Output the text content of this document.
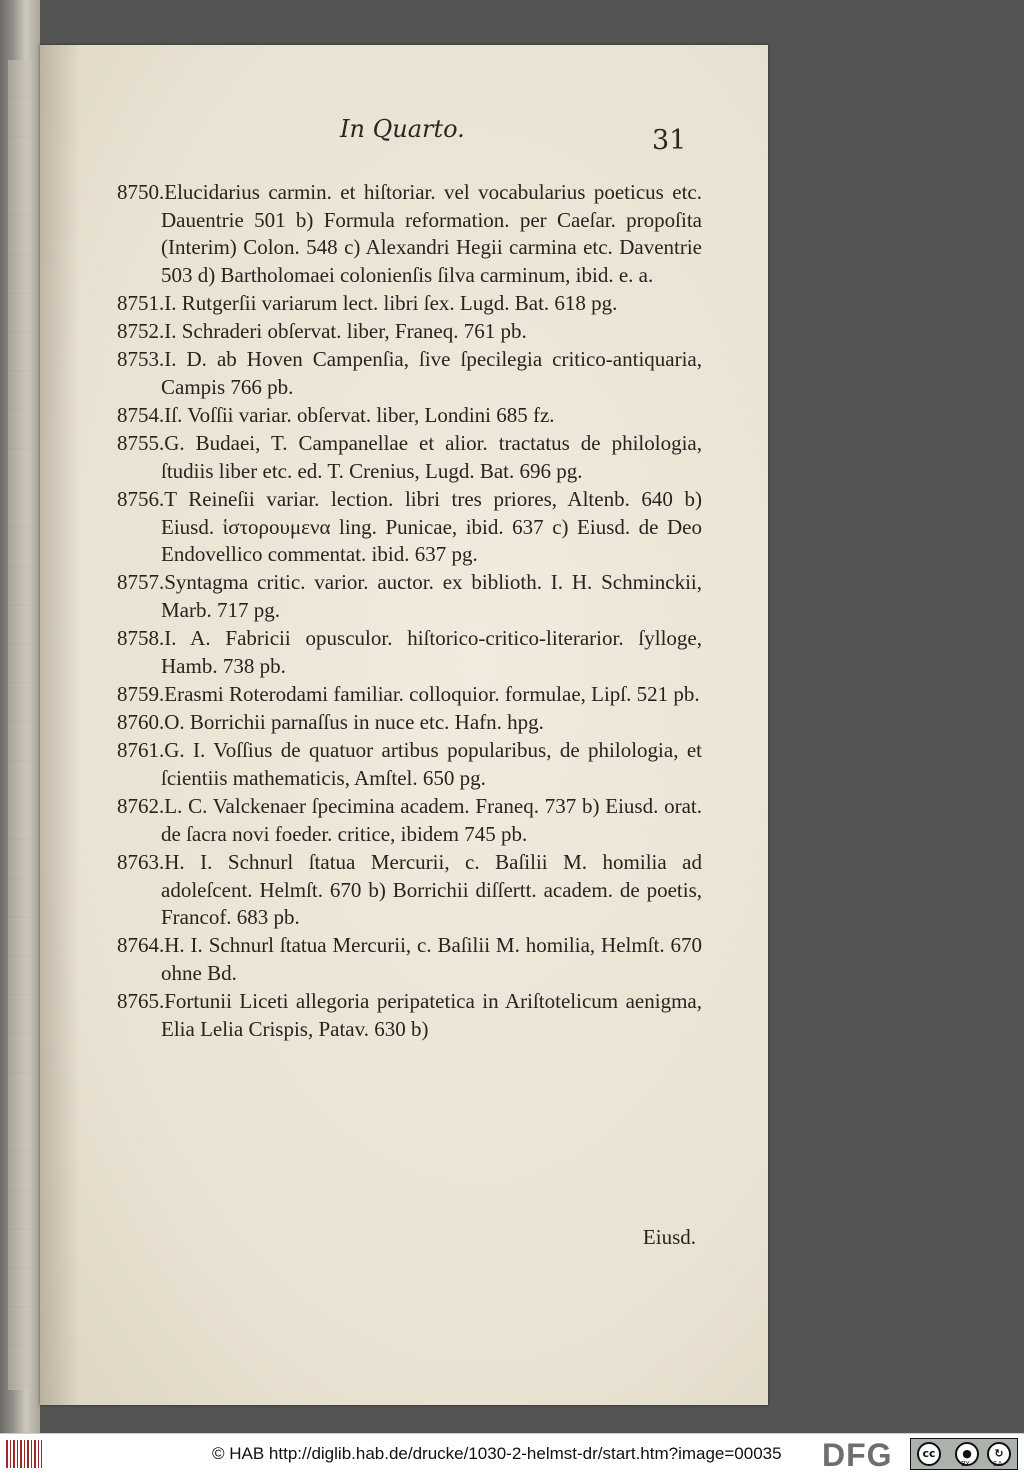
In Quarto.	31
8750.Elucidarius carmin. et hiſtoriar. vel vocabularius poeticus etc. Dauentrie 501 b) Formula reformation. per Caeſar. propoſita (Interim) Colon. 548 c) Alexandri Hegii carmina etc. Daventrie 503 d) Bartholomaei colonienſis ſilva carminum, ibid. e. a.
8751.I. Rutgerſii variarum lect. libri ſex. Lugd. Bat. 618 pg.
8752.I. Schraderi obſervat. liber, Franeq. 761 pb.
8753.I. D. ab Hoven Campenſia, ſive ſpecilegia critico-antiquaria, Campis 766 pb.
8754.Iſ. Voſſii variar. obſervat. liber, Londini 685 fz.
8755.G. Budaei, T. Campanellae et alior. tractatus de philologia, ſtudiis liber etc. ed. T. Crenius, Lugd. Bat. 696 pg.
8756.T Reineſii variar. lection. libri tres priores, Altenb. 640 b) Eiusd. ἱστορουμενα ling. Punicae, ibid. 637 c) Eiusd. de Deo Endovellico commentat. ibid. 637 pg.
8757.Syntagma critic. varior. auctor. ex biblioth. I. H. Schminckii, Marb. 717 pg.
8758.I. A. Fabricii opusculor. hiſtorico-critico-literarior. ſylloge, Hamb. 738 pb.
8759.Erasmi Roterodami familiar. colloquior. formulae, Lipſ. 521 pb.
8760.O. Borrichii parnaſſus in nuce etc. Hafn. hpg.
8761.G. I. Voſſius de quatuor artibus popularibus, de philologia, et ſcientiis mathematicis, Amſtel. 650 pg.
8762.L. C. Valckenaer ſpecimina academ. Franeq. 737 b) Eiusd. orat. de ſacra novi foeder. critice, ibidem 745 pb.
8763.H. I. Schnurl ſtatua Mercurii, c. Baſilii M. homilia ad adoleſcent. Helmſt. 670 b) Borrichii diſſertt. academ. de poetis, Francof. 683 pb.
8764.H. I. Schnurl ſtatua Mercurii, c. Baſilii M. homilia, Helmſt. 670 ohne Bd.
8765.Fortunii Liceti allegoria peripatetica in Ariſtotelicum aenigma, Elia Lelia Crispis, Patav. 630 b)
Eiusd.
© HAB http://diglib.hab.de/drucke/1030-2-helmst-dr/start.htm?image=00035 DFG	cc	●	↻
BY	SA
